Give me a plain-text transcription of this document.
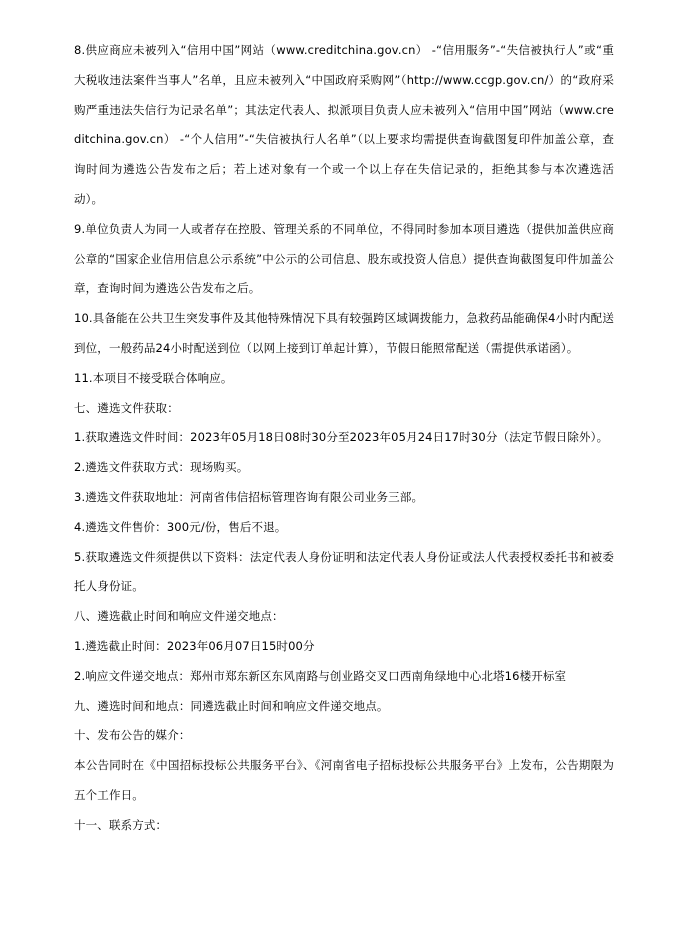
8.供应商应未被列入“信用中国”网站（www.creditchina.gov.cn） -“信用服务”-“失信被执行人”或“重大税收违法案件当事人”名单，且应未被列入“中国政府采购网”（http://www.ccgp.gov.cn/）的“政府采购严重违法失信行为记录名单”；其法定代表人、拟派项目负责人应未被列入“信用中国”网站（www.creditchina.gov.cn） -“个人信用”-“失信被执行人名单”（以上要求均需提供查询截图复印件加盖公章，查询时间为遴选公告发布之后；若上述对象有一个或一个以上存在失信记录的，拒绝其参与本次遴选活动）。

9.单位负责人为同一人或者存在控股、管理关系的不同单位，不得同时参加本项目遴选（提供加盖供应商公章的“国家企业信用信息公示系统”中公示的公司信息、股东或投资人信息）提供查询截图复印件加盖公章，查询时间为遴选公告发布之后。

10.具备能在公共卫生突发事件及其他特殊情况下具有较强跨区域调拨能力，急救药品能确保4小时内配送到位，一般药品24小时配送到位（以网上接到订单起计算），节假日能照常配送（需提供承诺函）。

11.本项目不接受联合体响应。

七、遴选文件获取：

1.获取遴选文件时间：2023年05月18日08时30分至2023年05月24日17时30分（法定节假日除外）。

2.遴选文件获取方式：现场购买。

3.遴选文件获取地址：河南省伟信招标管理咨询有限公司业务三部。

4.遴选文件售价：300元/份，售后不退。

5.获取遴选文件须提供以下资料：法定代表人身份证明和法定代表人身份证或法人代表授权委托书和被委托人身份证。

八、遴选截止时间和响应文件递交地点：

1.遴选截止时间：2023年06月07日15时00分

2.响应文件递交地点：郑州市郑东新区东风南路与创业路交叉口西南角绿地中心北塔16楼开标室

九、遴选时间和地点：同遴选截止时间和响应文件递交地点。

十、发布公告的媒介：

本公告同时在《中国招标投标公共服务平台》、《河南省电子招标投标公共服务平台》上发布，公告期限为五个工作日。

十一、联系方式：
